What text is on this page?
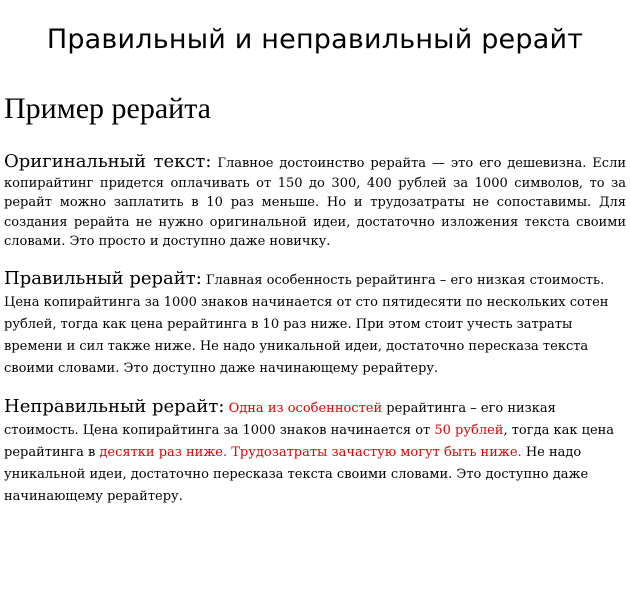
Правильный и неправильный рерайт
Пример рерайта

Оригинальный текст: Главное достоинство рерайта — это его дешевизна. Если копирайтинг придется оплачивать от 150 до 300, 400 рублей за 1000 символов, то за рерайт можно заплатить в 10 раз меньше. Но и трудозатраты не сопоставимы. Для создания рерайта не нужно оригинальной идеи, достаточно изложения текста своими словами. Это просто и доступно даже новичку.

Правильный рерайт: Главная особенность рерайтинга – его низкая стоимость. Цена копирайтинга за 1000 знаков начинается от сто пятидесяти по нескольких сотен рублей, тогда как цена рерайтинга в 10 раз ниже. При этом стоит учесть затраты времени и сил также ниже. Не надо уникальной идеи, достаточно пересказа текста своими словами. Это доступно даже начинающему рерайтеру.

Неправильный рерайт: Одна из особенностей рерайтинга – его низкая стоимость. Цена копирайтинга за 1000 знаков начинается от 50 рублей, тогда как цена рерайтинга в десятки раз ниже. Трудозатраты зачастую могут быть ниже. Не надо уникальной идеи, достаточно пересказа текста своими словами. Это доступно даже начинающему рерайтеру.
